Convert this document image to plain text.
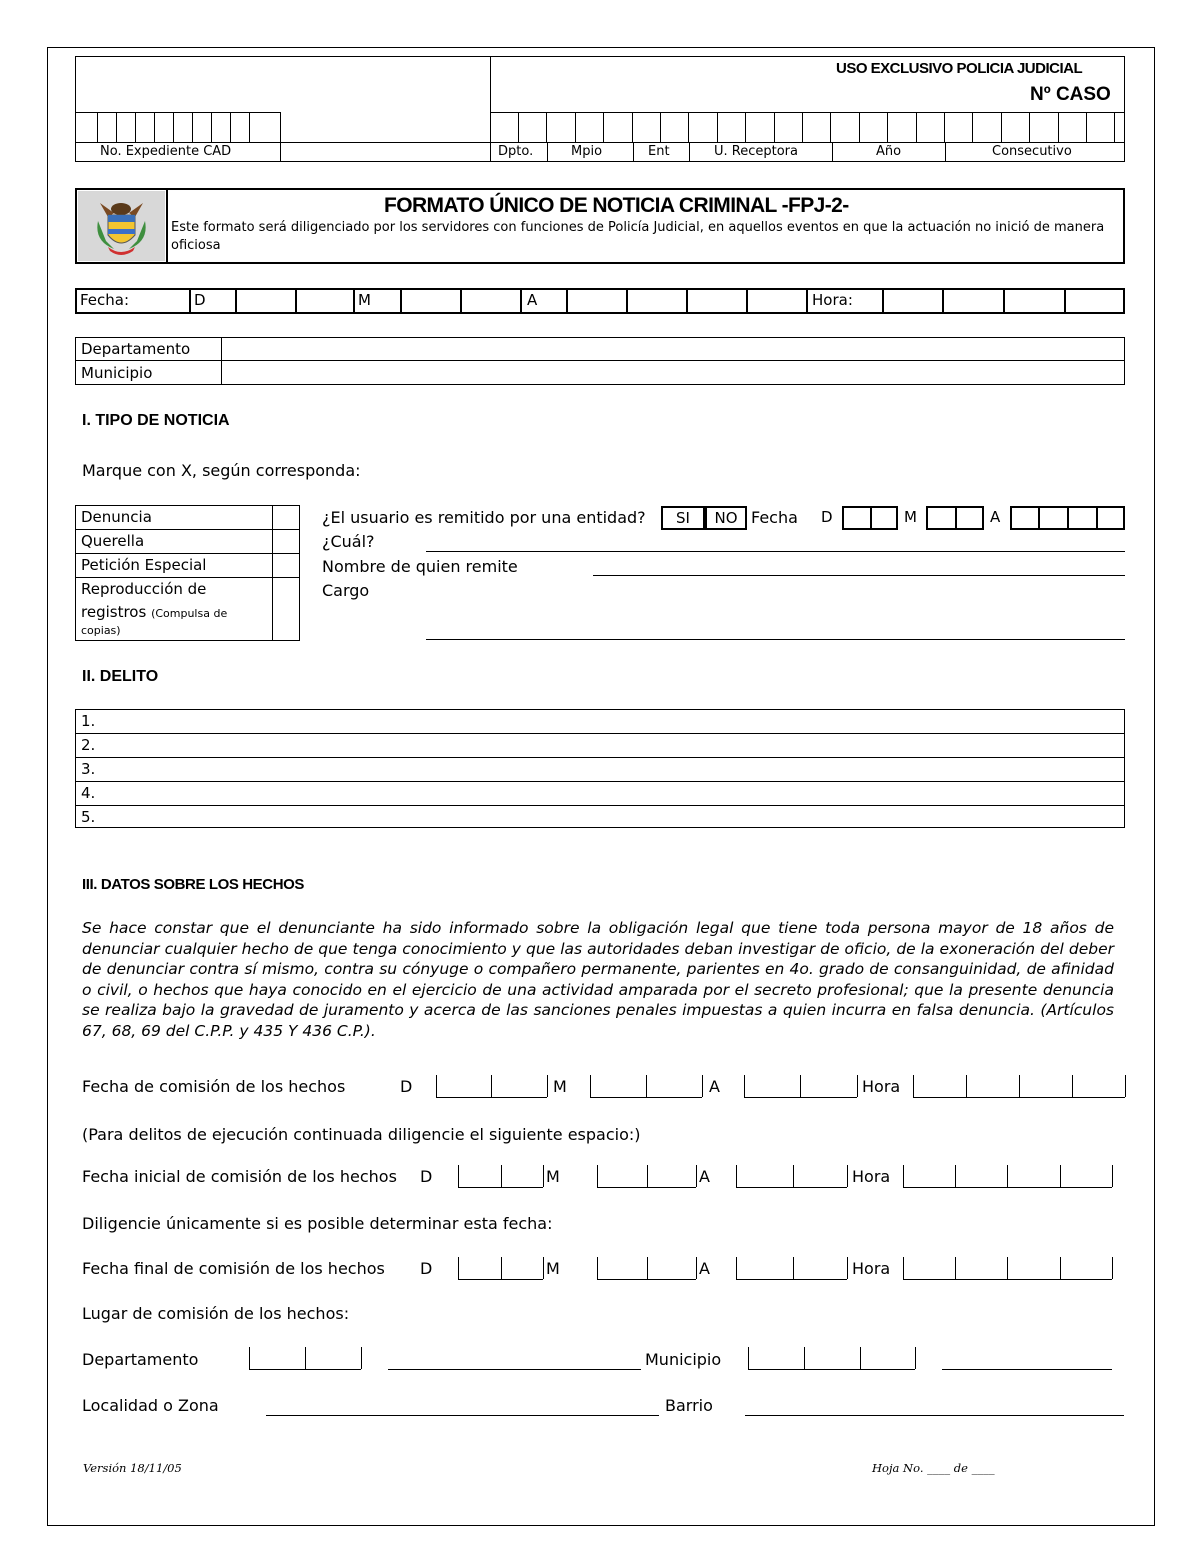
USO EXCLUSIVO POLICIA JUDICIAL
Nº CASO
No. Expediente CAD	Dpto.	Mpio	Ent	U. Receptora	Año	Consecutivo
FORMATO ÚNICO DE NOTICIA CRIMINAL -FPJ-2-
Este formato será diligenciado por los servidores con funciones de Policía Judicial, en aquellos eventos en que la actuación no inició de manera oficiosa
Fecha:	D	M	A	Hora:
Departamento
Municipio
I. TIPO DE NOTICIA
Marque con X, según corresponda:
Denuncia
Querella
Petición Especial
Reproducción de
registros (Compulsa de
copias)
¿El usuario es remitido por una entidad?	SI	NO Fecha D	M	A
¿Cuál?
Nombre de quien remite
Cargo
II. DELITO
1.
2.
3.
4.
5.
III. DATOS SOBRE LOS HECHOS
Se hace constar que el denunciante ha sido informado sobre la obligación legal que tiene toda persona mayor de 18 años de denunciar cualquier hecho de que tenga conocimiento y que las autoridades deban investigar de oficio, de la exoneración del deber de denunciar contra sí mismo, contra su cónyuge o compañero permanente, parientes en 4o. grado de consanguinidad, de afinidad o civil, o hechos que haya conocido en el ejercicio de una actividad amparada por el secreto profesional; que la presente denuncia se realiza bajo la gravedad de juramento y acerca de las sanciones penales impuestas a quien incurra en falsa denuncia. (Artículos 67, 68, 69 del C.P.P. y 435 Y 436 C.P.).
Fecha de comisión de los hechos	D	M	A	Hora
(Para delitos de ejecución continuada diligencie el siguiente espacio:)
Fecha inicial de comisión de los hechos D	M	A	Hora
Diligencie únicamente si es posible determinar esta fecha:
Fecha final de comisión de los hechos D	M	A	Hora
Lugar de comisión de los hechos:
Departamento	Municipio
Localidad o Zona	Barrio
Versión 18/11/05	Hoja No. ____ de ____
